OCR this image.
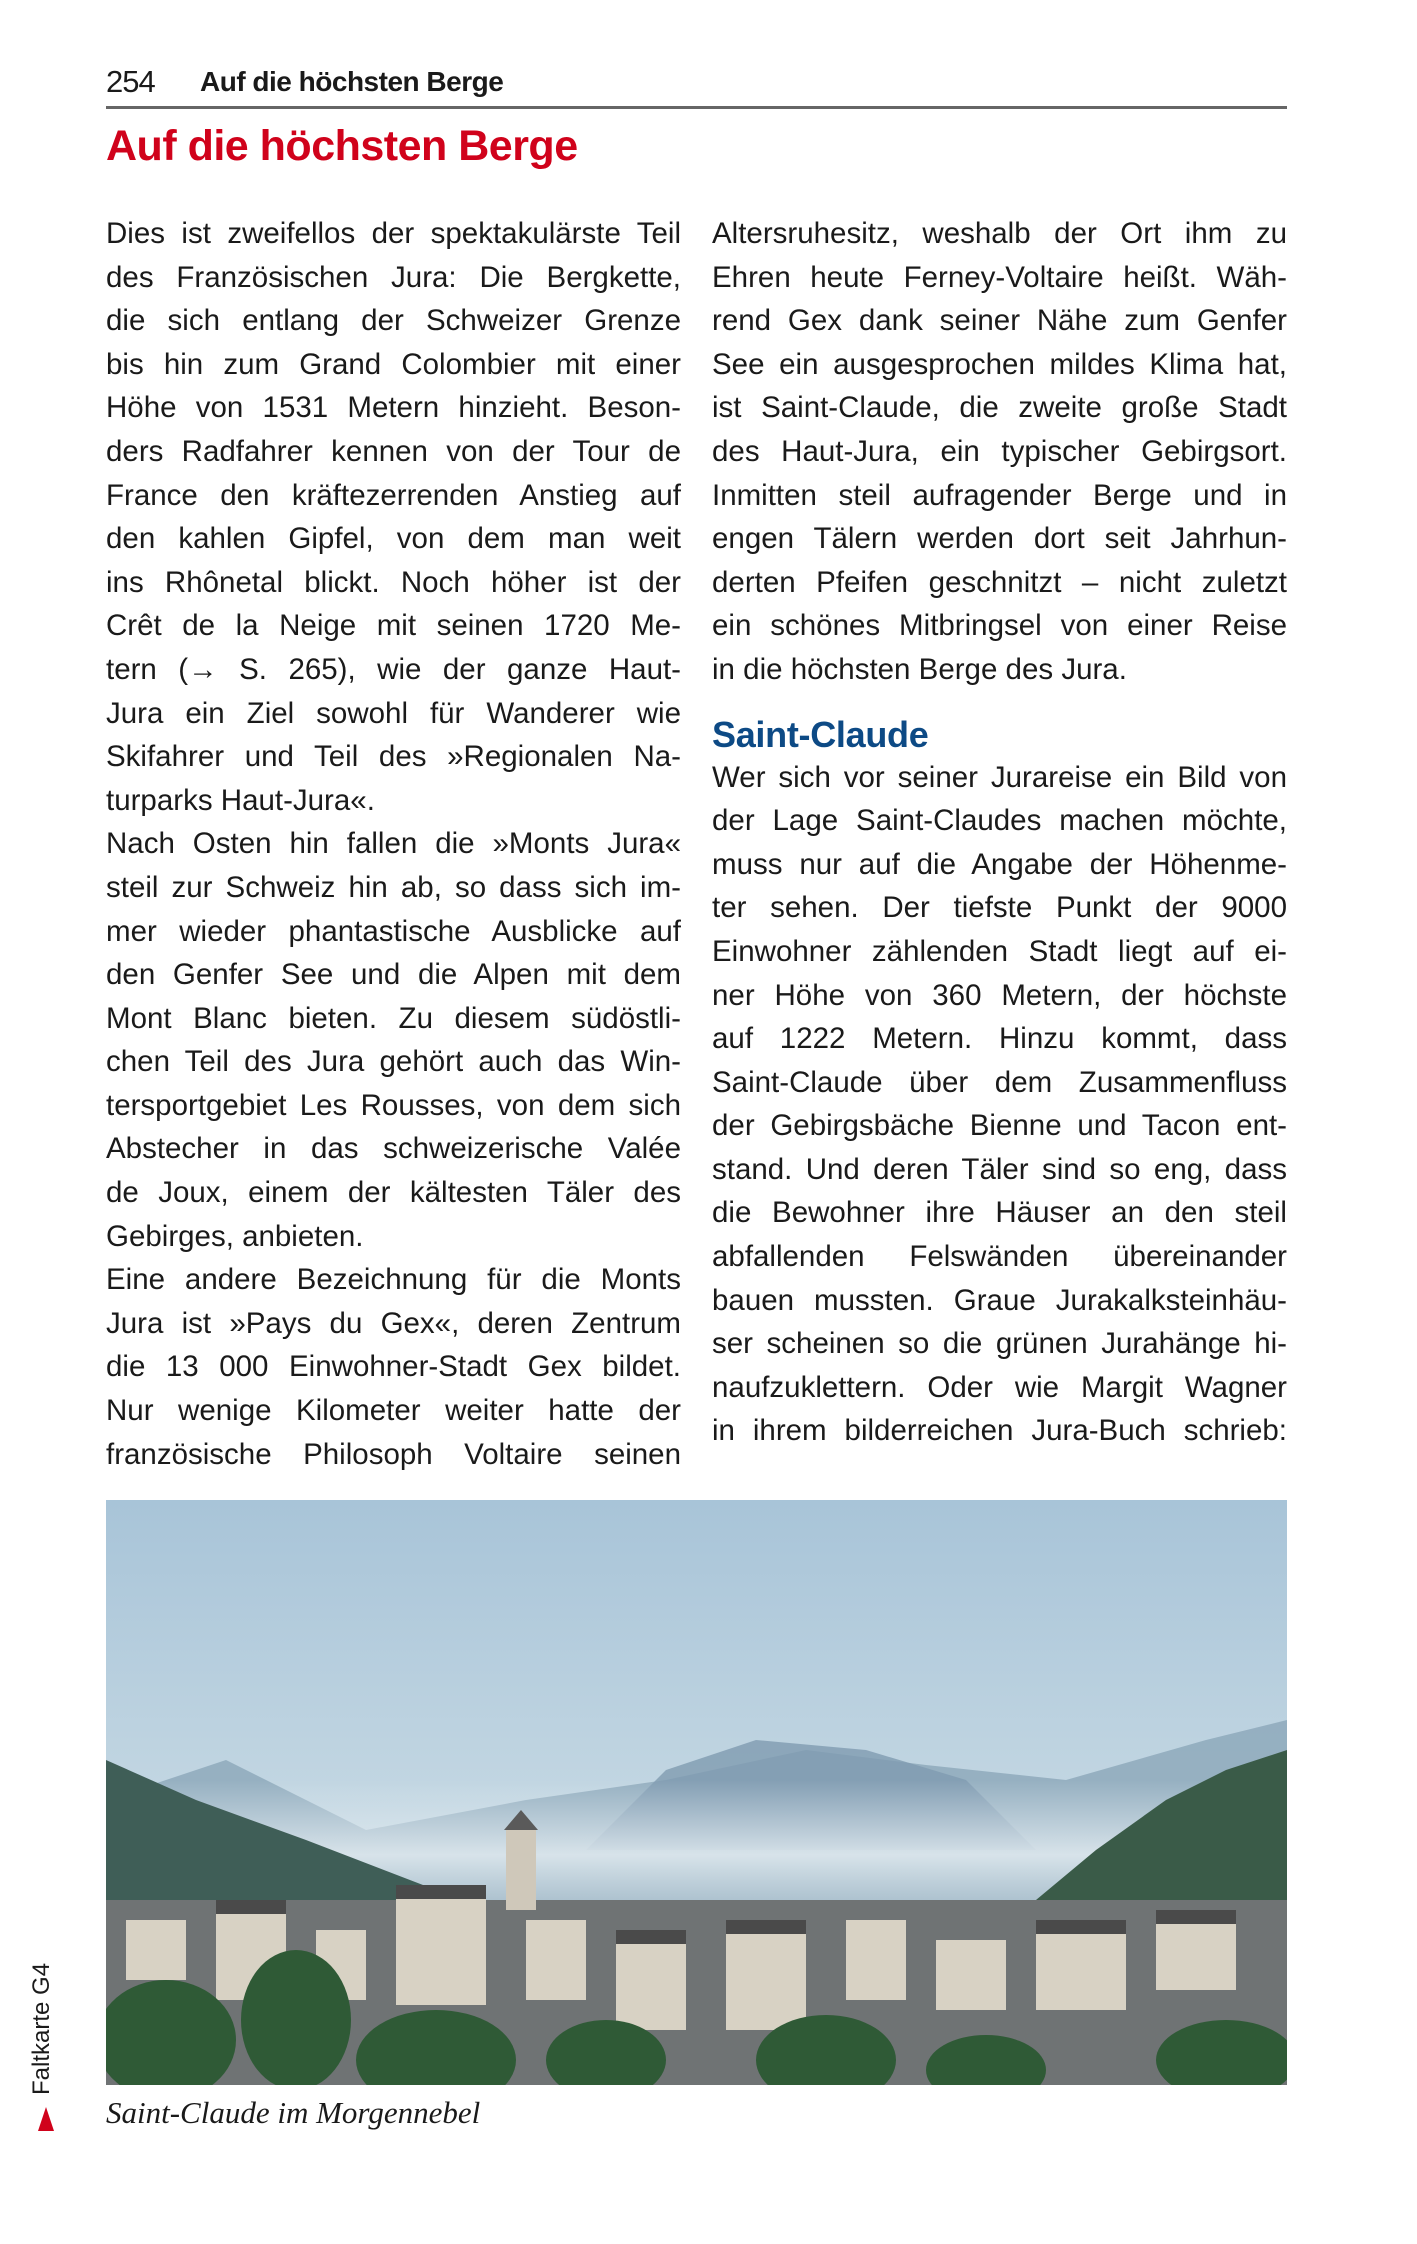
254 Auf die höchsten Berge
Auf die höchsten Berge

Dies ist zweifellos der spektakulärste Teil
des Französischen Jura: Die Bergkette,
die sich entlang der Schweizer Grenze
bis hin zum Grand Colombier mit einer
Höhe von 1531 Metern hinzieht. Beson-
ders Radfahrer kennen von der Tour de
France den kräftezerrenden Anstieg auf
den kahlen Gipfel, von dem man weit
ins Rhônetal blickt. Noch höher ist der
Crêt de la Neige mit seinen 1720 Me-
tern (→ S. 265), wie der ganze Haut-
Jura ein Ziel sowohl für Wanderer wie
Skifahrer und Teil des »Regionalen Na-
turparks Haut-Jura«.
Nach Osten hin fallen die »Monts Jura«
steil zur Schweiz hin ab, so dass sich im-
mer wieder phantastische Ausblicke auf
den Genfer See und die Alpen mit dem
Mont Blanc bieten. Zu diesem südöstli-
chen Teil des Jura gehört auch das Win-
tersportgebiet Les Rousses, von dem sich
Abstecher in das schweizerische Valée
de Joux, einem der kältesten Täler des
Gebirges, anbieten.
Eine andere Bezeichnung für die Monts
Jura ist »Pays du Gex«, deren Zentrum
die 13 000 Einwohner-Stadt Gex bildet.
Nur wenige Kilometer weiter hatte der
französische Philosoph Voltaire seinen

Altersruhesitz, weshalb der Ort ihm zu
Ehren heute Ferney-Voltaire heißt. Wäh-
rend Gex dank seiner Nähe zum Genfer
See ein ausgesprochen mildes Klima hat,
ist Saint-Claude, die zweite große Stadt
des Haut-Jura, ein typischer Gebirgsort.
Inmitten steil aufragender Berge und in
engen Tälern werden dort seit Jahrhun-
derten Pfeifen geschnitzt – nicht zuletzt
ein schönes Mitbringsel von einer Reise
in die höchsten Berge des Jura.

Saint-Claude

Wer sich vor seiner Jurareise ein Bild von
der Lage Saint-Claudes machen möchte,
muss nur auf die Angabe der Höhenme-
ter sehen. Der tiefste Punkt der 9000
Einwohner zählenden Stadt liegt auf ei-
ner Höhe von 360 Metern, der höchste
auf 1222 Metern. Hinzu kommt, dass
Saint-Claude über dem Zusammenfluss
der Gebirgsbäche Bienne und Tacon ent-
stand. Und deren Täler sind so eng, dass
die Bewohner ihre Häuser an den steil
abfallenden Felswänden übereinander
bauen mussten. Graue Jurakalksteinhäu-
ser scheinen so die grünen Jurahänge hi-
naufzuklettern. Oder wie Margit Wagner
in ihrem bilderreichen Jura-Buch schrieb:

Saint-Claude im Morgennebel
Faltkarte G4
